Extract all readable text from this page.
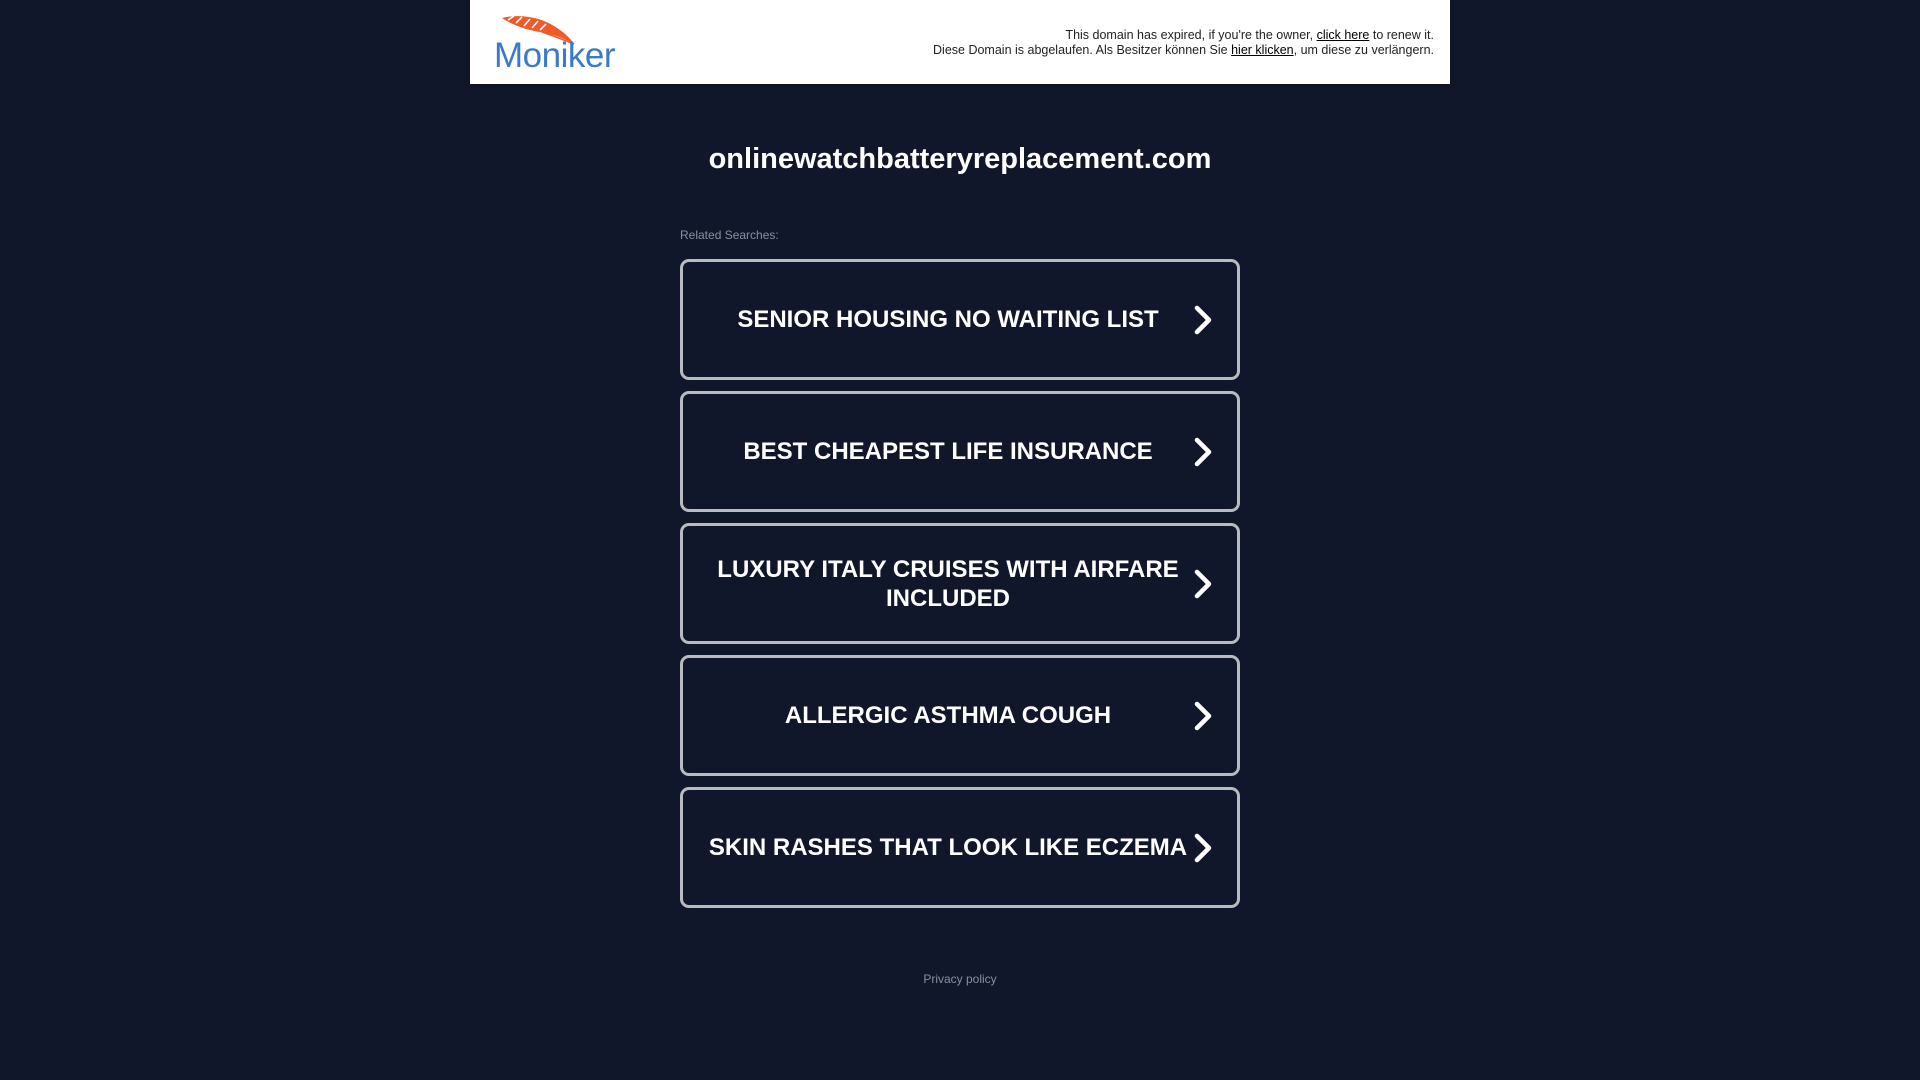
Moniker
This domain has expired, if you're the owner, click here to renew it.
Diese Domain is abgelaufen. Als Besitzer können Sie hier klicken, um diese zu verlängern.
onlinewatchbatteryreplacement.com
Related Searches:
SENIOR HOUSING NO WAITING LIST
BEST CHEAPEST LIFE INSURANCE
LUXURY ITALY CRUISES WITH AIRFARE INCLUDED
ALLERGIC ASTHMA COUGH
SKIN RASHES THAT LOOK LIKE ECZEMA
Privacy policy
